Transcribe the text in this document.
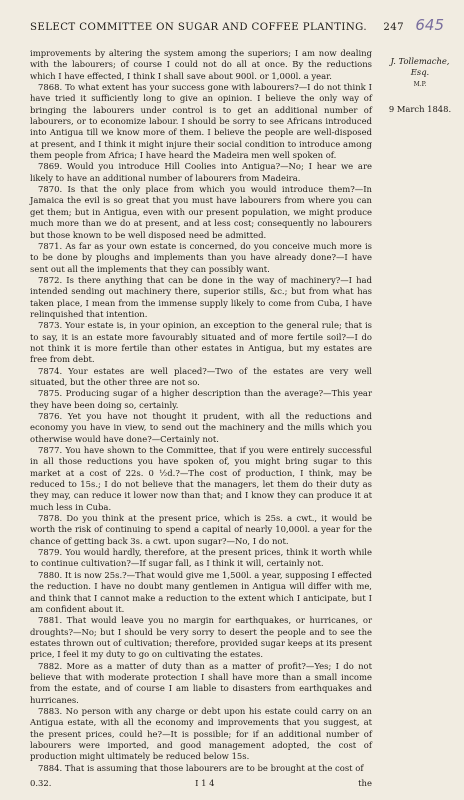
SELECT COMMITTEE ON SUGAR AND COFFEE PLANTING. 247 645
J. Tollemache, Esq.
M.P.
9 March 1848.

improvements by altering the system among the superiors; I am now dealing with the labourers; of course I could not do all at once. By the reductions which I have effected, I think I shall save about 900l. or 1,000l. a year.

7868. To what extent has your success gone with labourers?—I do not think I have tried it sufficiently long to give an opinion. I believe the only way of bringing the labourers under control is to get an additional number of labourers, or to economize labour. I should be sorry to see Africans introduced into Antigua till we know more of them. I believe the people are well-disposed at present, and I think it might injure their social condition to introduce among them people from Africa; I have heard the Madeira men well spoken of.

7869. Would you introduce Hill Coolies into Antigua?—No; I hear we are likely to have an additional number of labourers from Madeira.

7870. Is that the only place from which you would introduce them?—In Jamaica the evil is so great that you must have labourers from where you can get them; but in Antigua, even with our present population, we might produce much more than we do at present, and at less cost; consequently no labourers but those known to be well disposed need be admitted.

7871. As far as your own estate is concerned, do you conceive much more is to be done by ploughs and implements than you have already done?—I have sent out all the implements that they can possibly want.

7872. Is there anything that can be done in the way of machinery?—I had intended sending out machinery there, superior stills, &c.; but from what has taken place, I mean from the immense supply likely to come from Cuba, I have relinquished that intention.

7873. Your estate is, in your opinion, an exception to the general rule; that is to say, it is an estate more favourably situated and of more fertile soil?—I do not think it is more fertile than other estates in Antigua, but my estates are free from debt.

7874. Your estates are well placed?—Two of the estates are very well situated, but the other three are not so.

7875. Producing sugar of a higher description than the average?—This year they have been doing so, certainly.

7876. Yet you have not thought it prudent, with all the reductions and economy you have in view, to send out the machinery and the mills which you otherwise would have done?—Certainly not.

7877. You have shown to the Committee, that if you were entirely successful in all those reductions you have spoken of, you might bring sugar to this market at a cost of 22s. 0 ½d.?—The cost of production, I think, may be reduced to 15s.; I do not believe that the managers, let them do their duty as they may, can reduce it lower now than that; and I know they can produce it at much less in Cuba.

7878. Do you think at the present price, which is 25s. a cwt., it would be worth the risk of continuing to spend a capital of nearly 10,000l. a year for the chance of getting back 3s. a cwt. upon sugar?—No, I do not.

7879. You would hardly, therefore, at the present prices, think it worth while to continue cultivation?—If sugar fall, as I think it will, certainly not.

7880. It is now 25s.?—That would give me 1,500l. a year, supposing I effected the reduction. I have no doubt many gentlemen in Antigua will differ with me, and think that I cannot make a reduction to the extent which I anticipate, but I am confident about it.

7881. That would leave you no margin for earthquakes, or hurricanes, or droughts?—No; but I should be very sorry to desert the people and to see the estates thrown out of cultivation; therefore, provided sugar keeps at its present price, I feel it my duty to go on cultivating the estates.

7882. More as a matter of duty than as a matter of profit?—Yes; I do not believe that with moderate protection I shall have more than a small income from the estate, and of course I am liable to disasters from earthquakes and hurricanes.

7883. No person with any charge or debt upon his estate could carry on an Antigua estate, with all the economy and improvements that you suggest, at the present prices, could he?—It is possible; for if an additional number of labourers were imported, and good management adopted, the cost of production might ultimately be reduced below 15s.

7884. That is assuming that those labourers are to be brought at the cost of

0.32.	I 1 4	the
